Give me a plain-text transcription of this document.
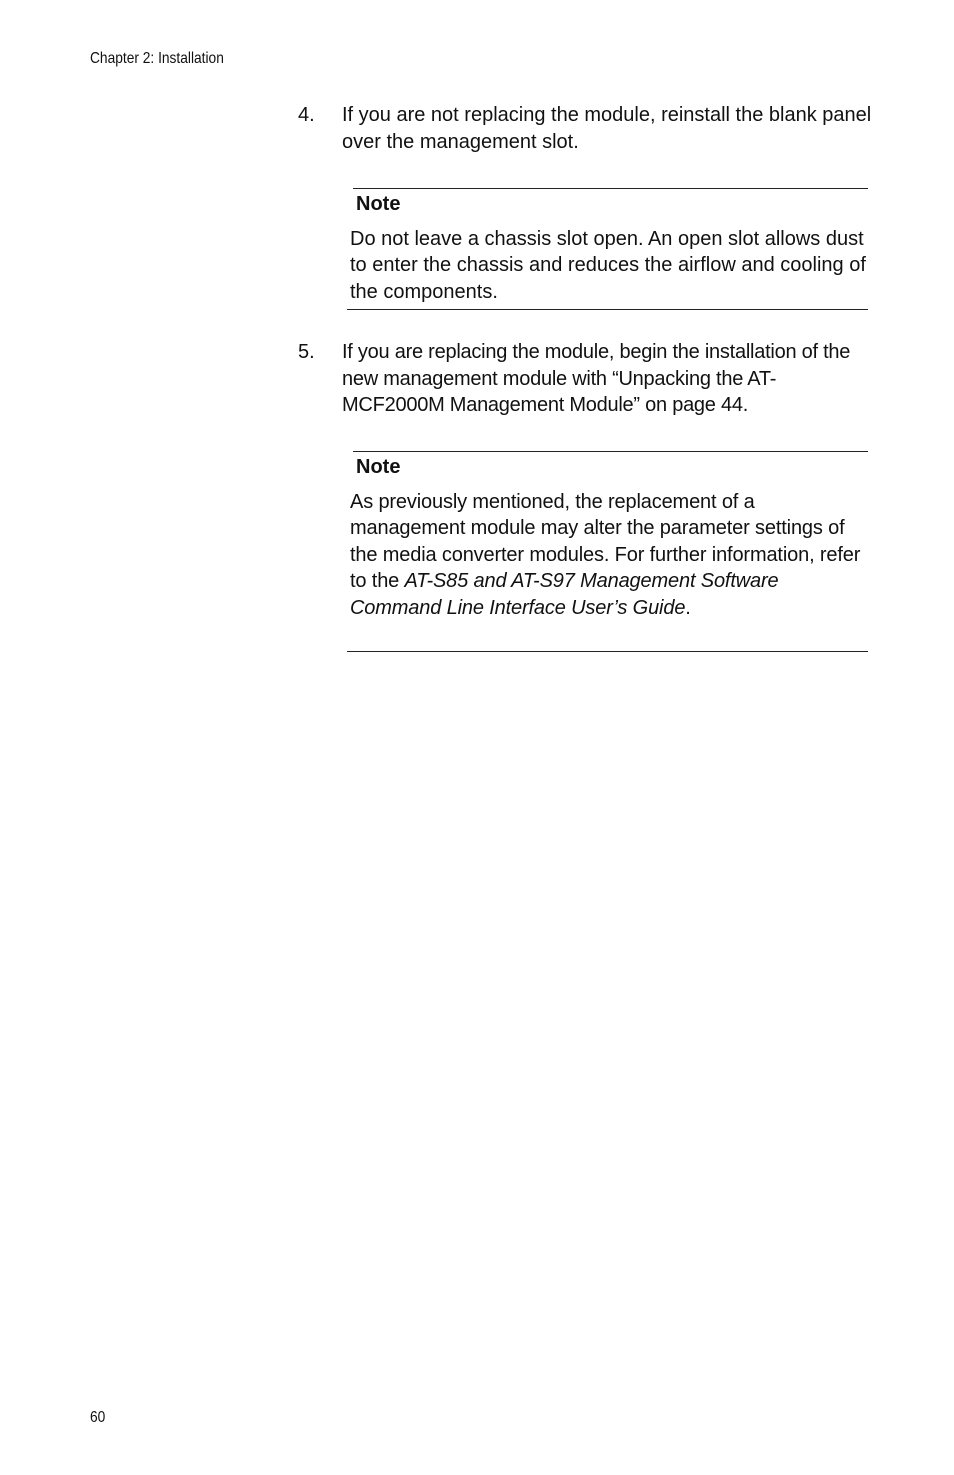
Chapter 2: Installation
4. If you are not replacing the module, reinstall the blank panel over the management slot.
Note
Do not leave a chassis slot open. An open slot allows dust to enter the chassis and reduces the airflow and cooling of the components.
5. If you are replacing the module, begin the installation of the new management module with “Unpacking the AT-MCF2000M Management Module” on page 44.
Note
As previously mentioned, the replacement of a management module may alter the parameter settings of the media converter modules. For further information, refer to the AT-S85 and AT-S97 Management Software Command Line Interface User’s Guide.
60
